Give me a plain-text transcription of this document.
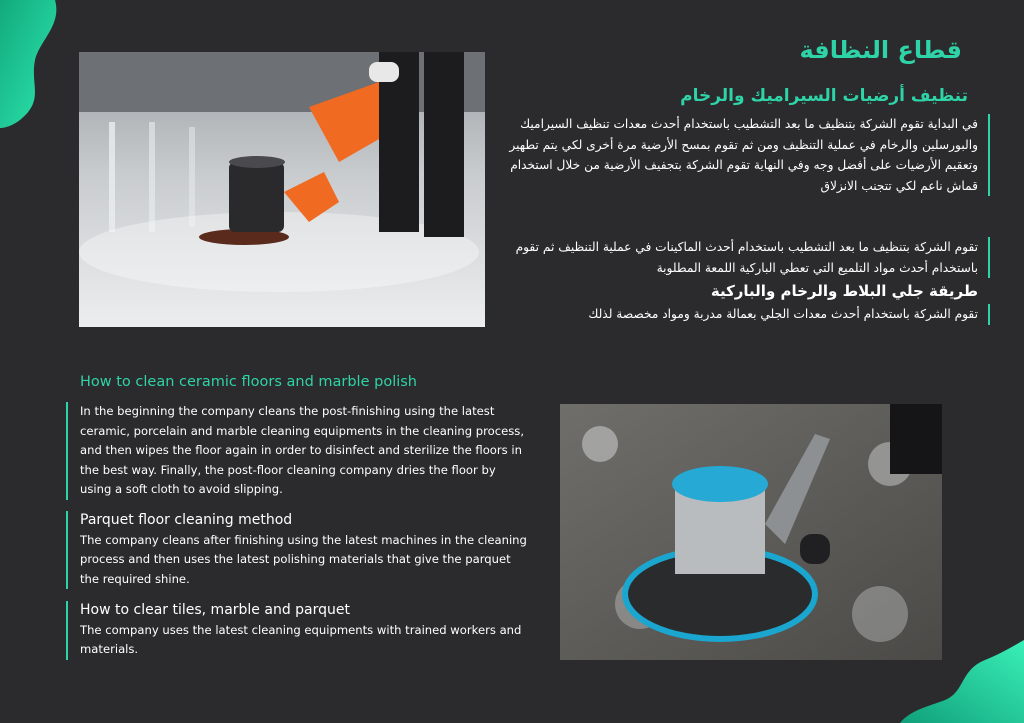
قطاع النظافة
تنظيف أرضيات السيراميك والرخام
في البداية تقوم الشركة بتنظيف ما بعد التشطيب باستخدام أحدث معدات تنظيف السيراميك والبورسلين والرخام في عملية التنظيف ومن ثم تقوم بمسح الأرضية مرة أخرى لكي يتم تطهير وتعقيم الأرضيات على أفضل وجه وفي النهاية تقوم الشركة بتجفيف الأرضية من خلال استخدام قماش ناعم لكي تتجنب الانزلاق
تقوم الشركة بتنظيف ما بعد التشطيب باستخدام أحدث الماكينات في عملية التنظيف ثم تقوم باستخدام أحدث مواد التلميع التي تعطي الباركية اللمعة المطلوبة
طريقة جلي البلاط والرخام والباركية
تقوم الشركة باستخدام أحدث معدات الجلي بعمالة مدربة ومواد مخصصة لذلك
How to clean ceramic floors and marble polish
In the beginning the company cleans the post-finishing using the latest ceramic, porcelain and marble cleaning equipments in the cleaning process, and then wipes the floor again in order to disinfect and sterilize the floors in the best way. Finally, the post-floor cleaning company dries the floor by using a soft cloth to avoid slipping.
Parquet floor cleaning method
The company cleans after finishing using the latest machines in the cleaning process and then uses the latest polishing materials that give the parquet the required shine.
How to clear tiles, marble and parquet
The company uses the latest cleaning equipments with trained workers and materials.
